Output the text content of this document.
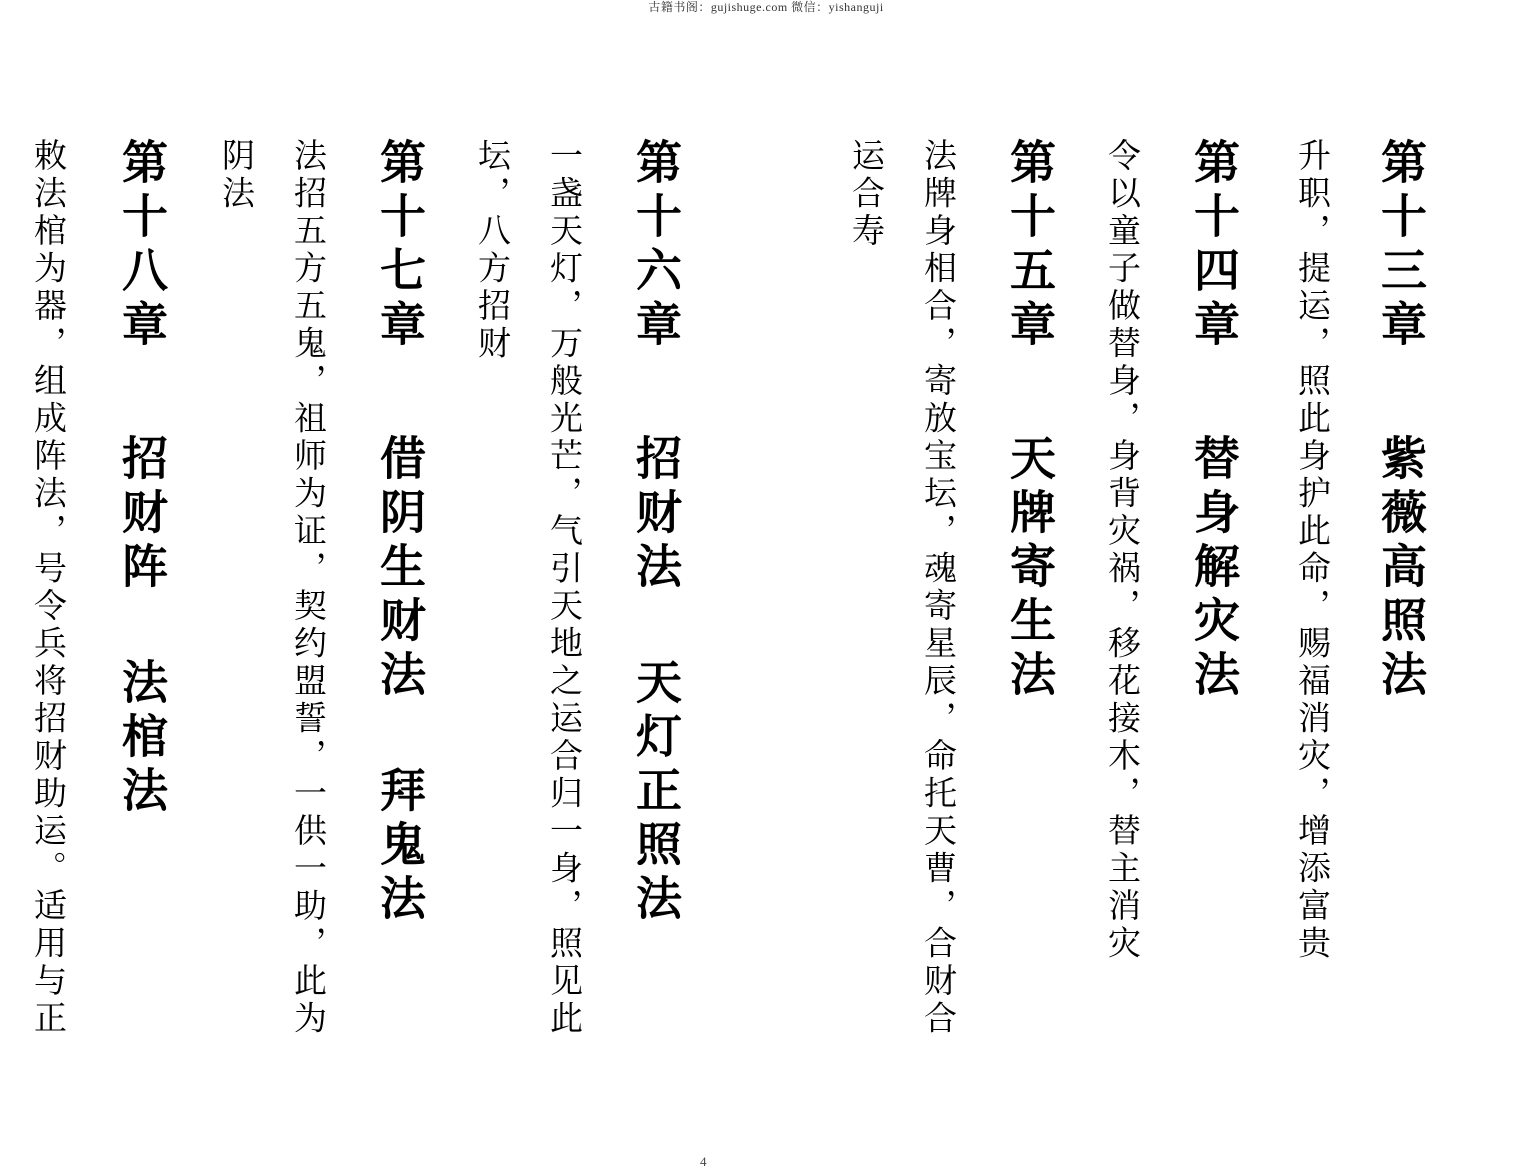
古籍书阁：gujishuge.com 微信：yishanguji
第十三章紫薇高照法
升职，提运，照此身护此命，赐福消灾，增添富贵
第十四章替身解灾法
令以童子做替身，身背灾祸，移花接木，替主消灾
第十五章天牌寄生法
法牌身相合，寄放宝坛，魂寄星辰，命托天曹，合财合
运合寿
第十六章招财法 天灯正照法
一盏天灯，万般光芒，气引天地之运合归一身，照见此
坛，八方招财
第十七章借阴生财法 拜鬼法
法招五方五鬼，祖师为证，契约盟誓，一供一助，此为
阴法
第十八章招财阵 法棺法
敕法棺为器，组成阵法，号令兵将招财助运。适用与正
4
